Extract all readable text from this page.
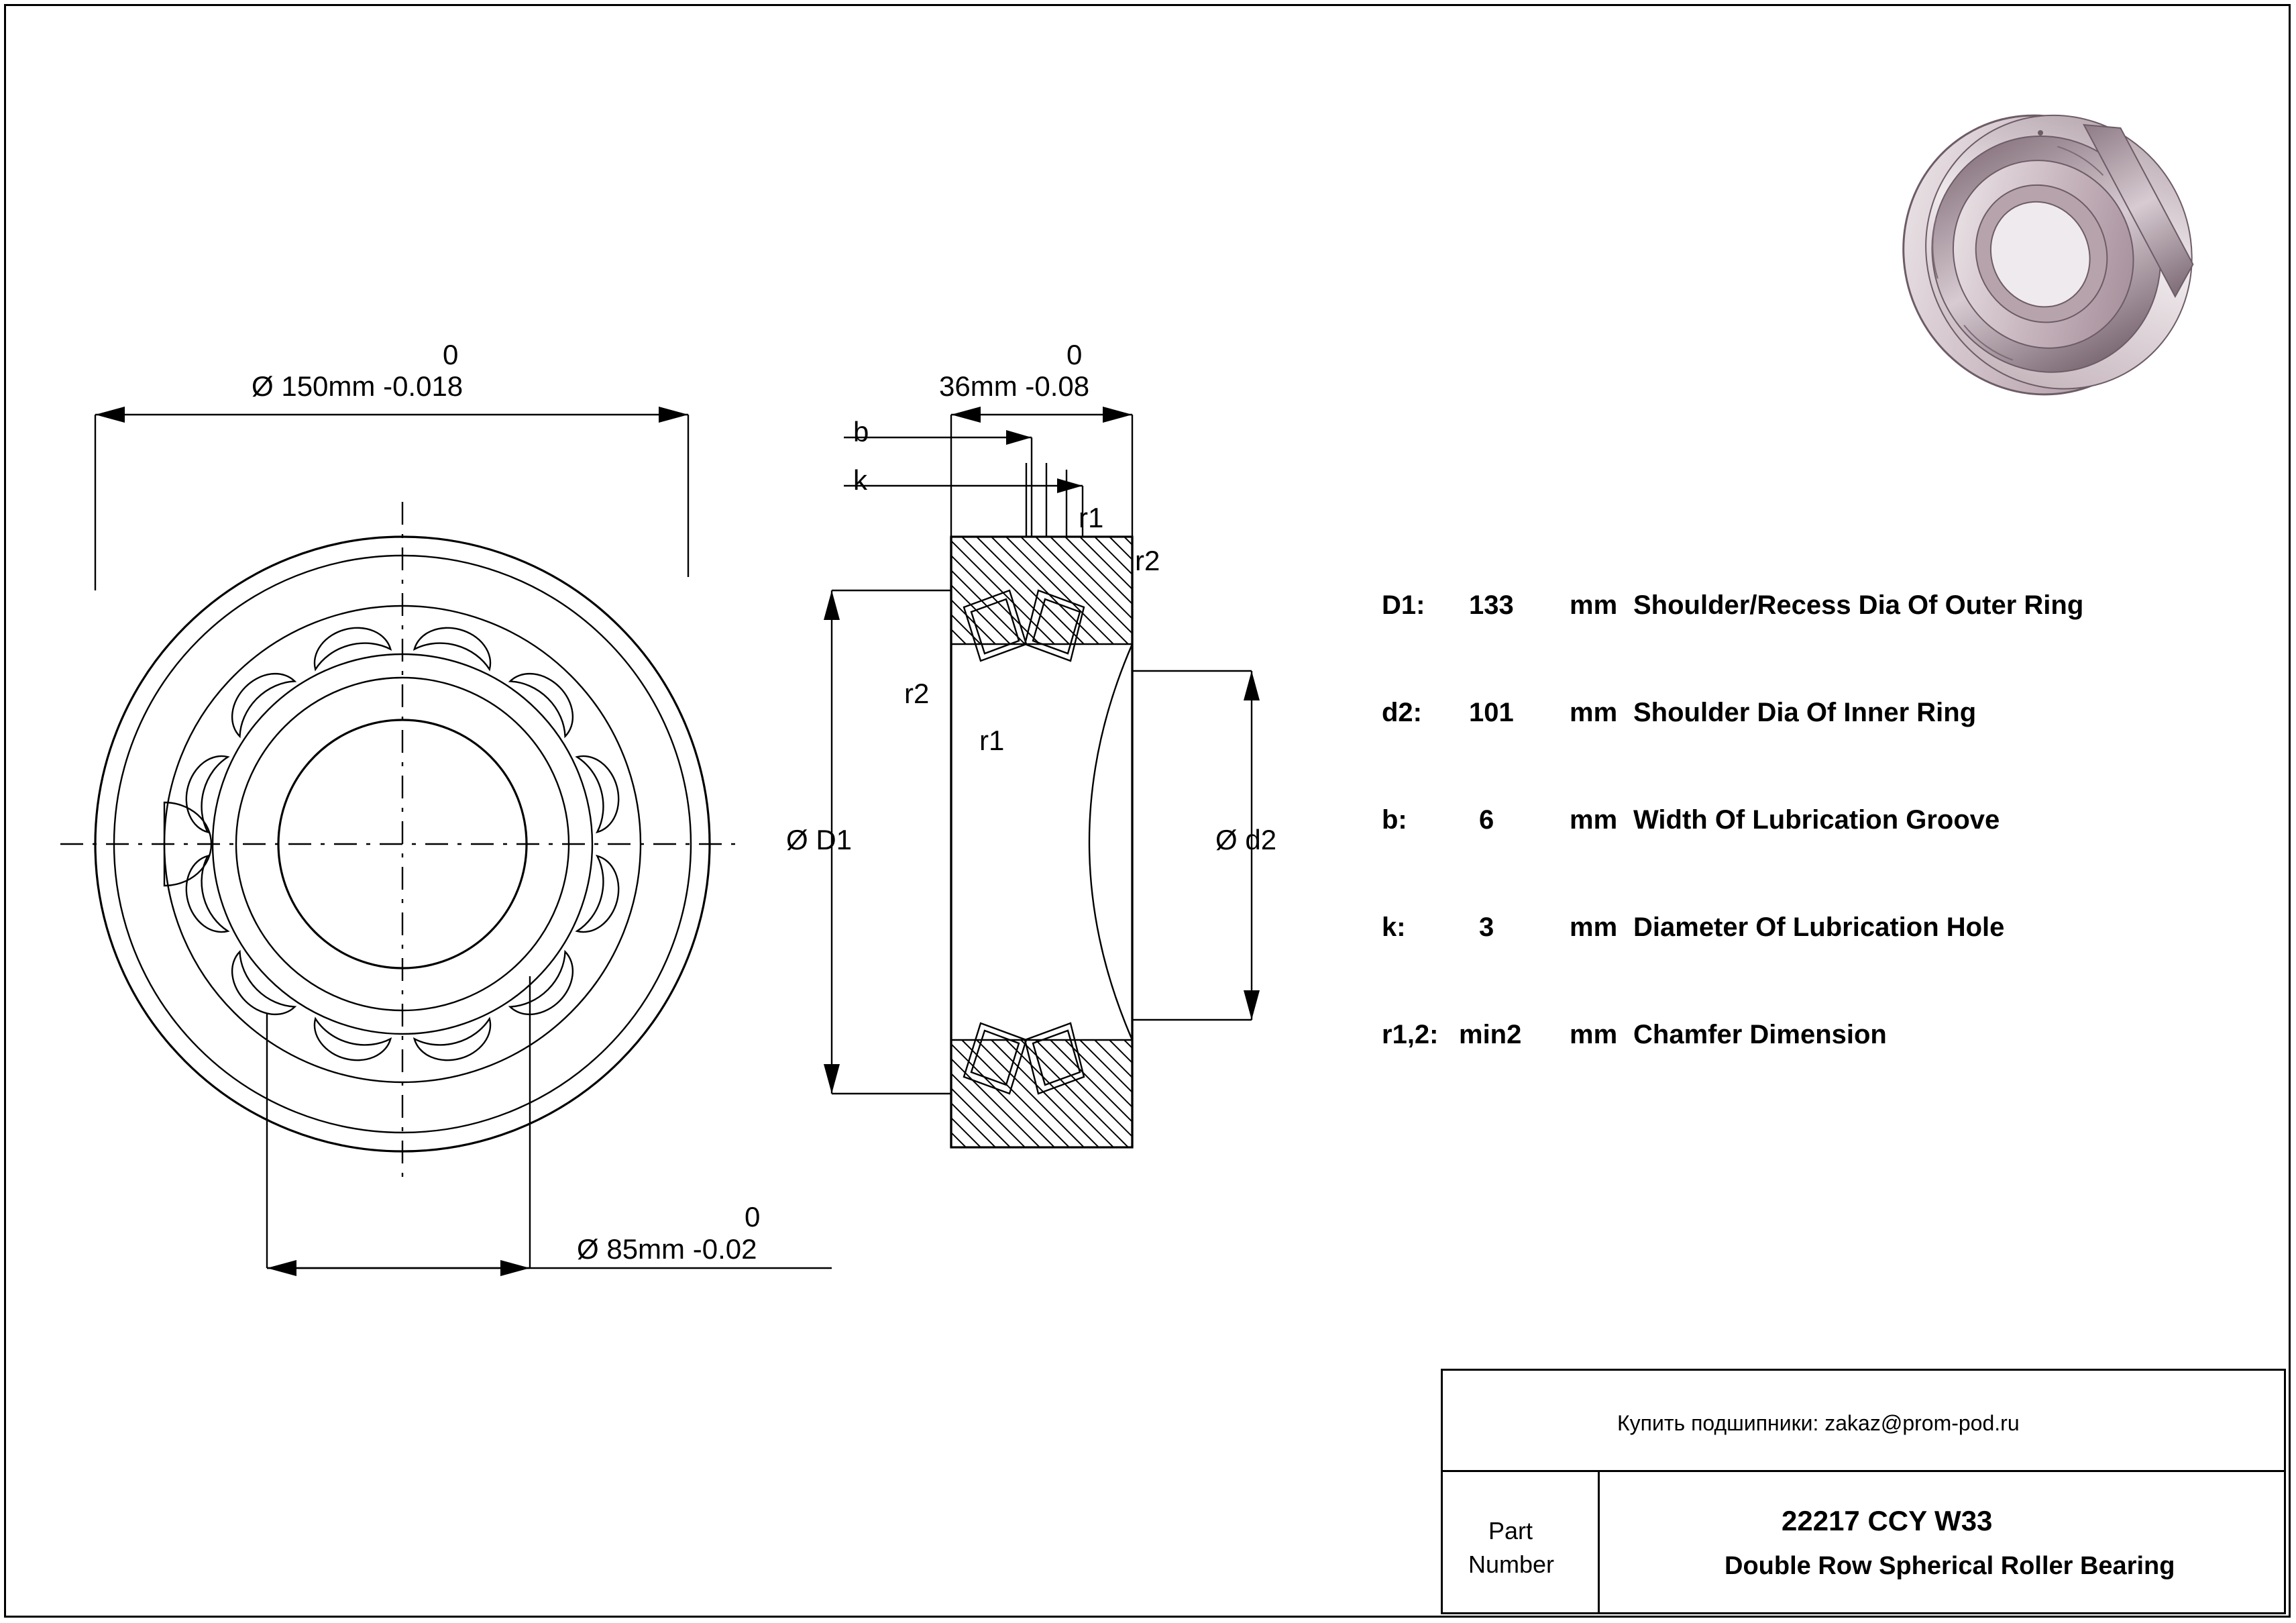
0
Ø 150mm -0.018
0
Ø 85mm -0.02
0
36mm -0.08
b
k
r1
r2
r2
r1
Ø D1	Ø d2
D1: 133 mm Shoulder/Recess Dia Of Outer Ring
d2: 101 mm Shoulder Dia Of Inner Ring
b:	6	mm Width Of Lubrication Groove
k:	3	mm Diameter Of Lubrication Hole
r1,2: min2 mm Chamfer Dimension
Купить подшипники: zakaz@prom-pod.ru
Part
Number
22217 CCY W33
Double Row Spherical Roller Bearing
